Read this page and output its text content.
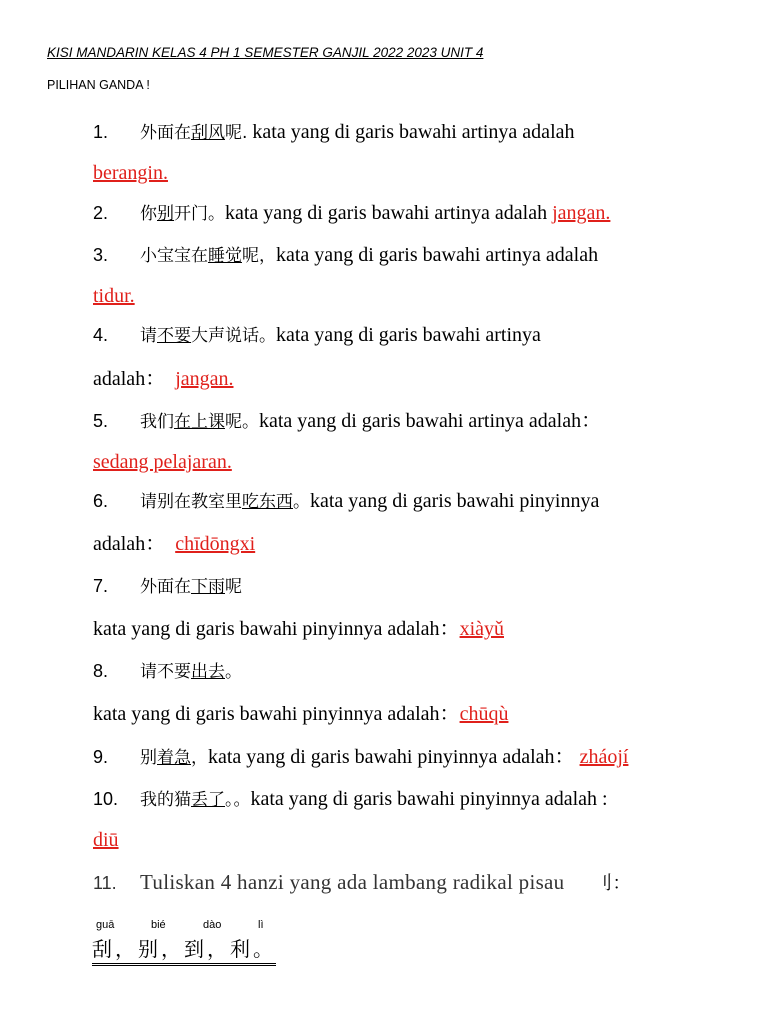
KISI MANDARIN KELAS 4 PH 1 SEMESTER GANJIL 2022 2023 UNIT 4
PILIHAN GANDA !
1. 外面在刮风呢. kata yang di garis bawahi artinya adalah
berangin.
2. 你别开门。kata yang di garis bawahi artinya adalah jangan.
3. 小宝宝在睡觉呢，kata yang di garis bawahi artinya adalah
tidur.
4. 请不要大声说话。kata yang di garis bawahi artinya
adalah： jangan.
5. 我们在上课呢。kata yang di garis bawahi artinya adalah：
sedang pelajaran.
6. 请别在教室里吃东西。kata yang di garis bawahi pinyinnya
adalah： chīdōngxi
7. 外面在下雨呢
kata yang di garis bawahi pinyinnya adalah：xiàyǔ
8. 请不要出去。
kata yang di garis bawahi pinyinnya adalah：chūqù
9. 别着急，kata yang di garis bawahi pinyinnya adalah： zháojí
10. 我的猫丢了。。kata yang di garis bawahi pinyinnya adalah :
diū
11. Tuliskan 4 hanzi yang ada lambang radikal pisau 刂：
guā	bié	dào	lì
刮，别，到，利。
